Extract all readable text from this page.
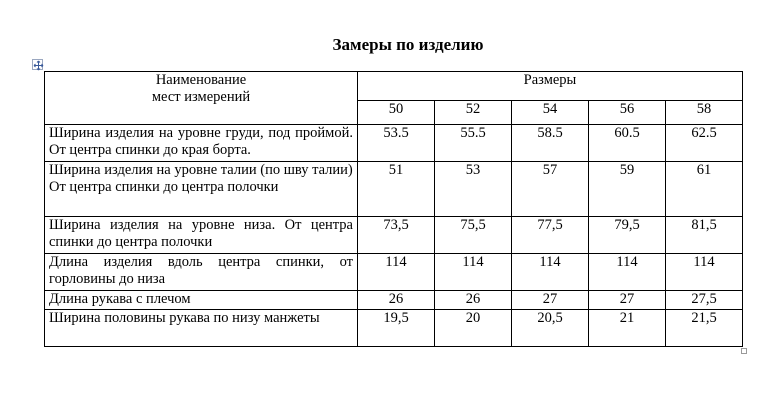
Замеры по изделию
Наименование
мест измерений	Размеры				
	50	52	54	56	58
Ширина изделия на уровне груди, под проймой. От центра спинки до края борта.	53.5	55.5	58.5	60.5	62.5
Ширина изделия на уровне талии (по шву талии) От центра спинки до центра полочки	51	53	57	59	61
Ширина изделия на уровне низа. От центра спинки до центра полочки	73,5	75,5	77,5	79,5	81,5
Длина изделия вдоль центра спинки, от горловины до низа	114	114	114	114	114
Длина рукава с плечом	26	26	27	27	27,5
Ширина половины рукава по низу манжеты	19,5	20	20,5	21	21,5
